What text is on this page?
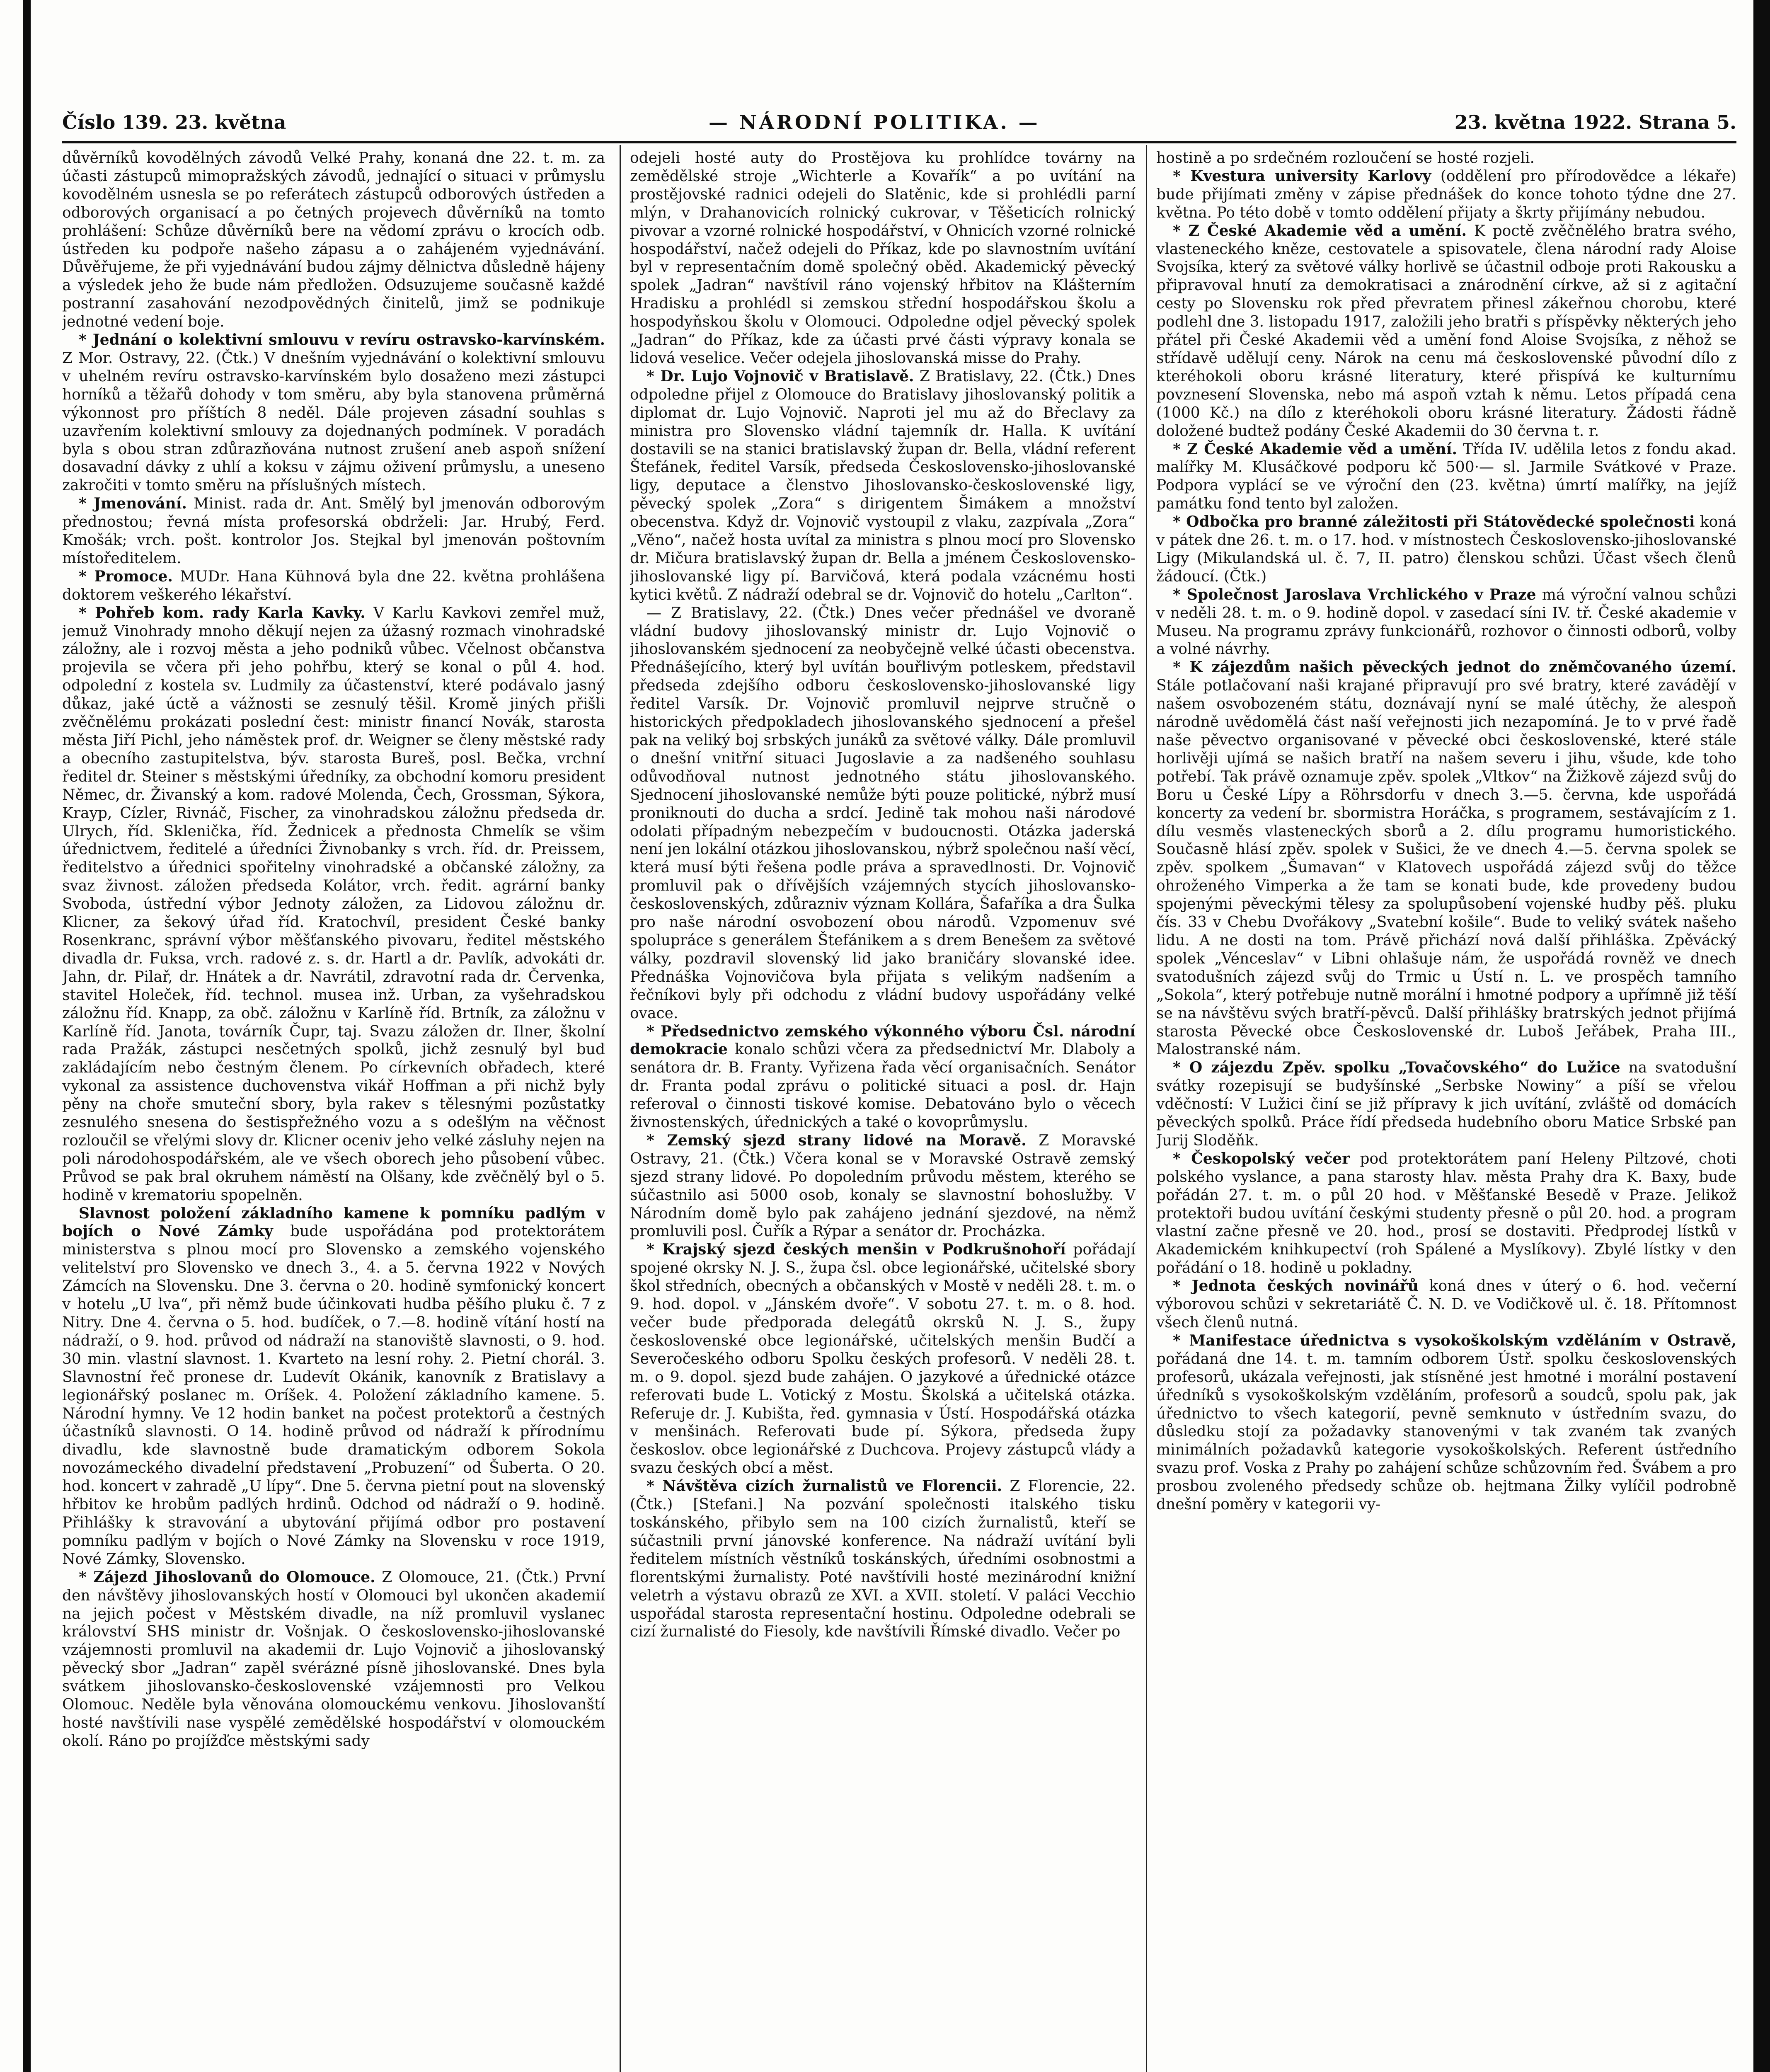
Číslo 139. 23. května	— NÁRODNÍ POLITIKA. —	23. května 1922. Strana 5.

důvěrníků kovodělných závodů Velké Prahy, konaná dne 22. t. m. za účasti zástupců mimopražských závodů, jednající o situaci v průmyslu kovodělném usnesla se po referátech zástupců odborových ústředen a odborových organisací a po četných projevech důvěrníků na tomto prohlášení: Schůze důvěrníků bere na vědomí zprávu o krocích odb. ústředen ku podpoře našeho zápasu a o zahájeném vyjednávání. Důvěřujeme, že při vyjednávání budou zájmy dělnictva důsledně hájeny a výsledek jeho že bude nám předložen. Odsuzujeme současně každé postranní zasahování nezodpovědných činitelů, jimž se podnikuje jednotné vedení boje.

* Jednání o kolektivní smlouvu v revíru ostravsko-karvínském. Z Mor. Ostravy, 22. (Čtk.) V dnešním vyjednávání o kolektivní smlouvu v uhelném revíru ostravsko-karvínském bylo dosaženo mezi zástupci horníků a těžařů dohody v tom směru, aby byla stanovena průměrná výkonnost pro příštích 8 neděl. Dále projeven zásadní souhlas s uzavřením kolektivní smlouvy za dojednaných podmínek. V poradách byla s obou stran zdůrazňována nutnost zrušení aneb aspoň snížení dosavadní dávky z uhlí a koksu v zájmu oživení průmyslu, a uneseno zakročiti v tomto směru na příslušných místech.

* Jmenování. Minist. rada dr. Ant. Smělý byl jmenován odborovým přednostou; řevná místa profesorská obdrželi: Jar. Hrubý, Ferd. Kmošák; vrch. pošt. kontrolor Jos. Stejkal byl jmenován poštovním místoředitelem.

* Promoce. MUDr. Hana Kühnová byla dne 22. května prohlášena doktorem veškerého lékařství.

* Pohřeb kom. rady Karla Kavky. V Karlu Kavkovi zemřel muž, jemuž Vinohrady mnoho děkují nejen za úžasný rozmach vinohradské záložny, ale i rozvoj města a jeho podniků vůbec. Včelnost občanstva projevila se včera při jeho pohřbu, který se konal o půl 4. hod. odpolední z kostela sv. Ludmily za účastenství, které podávalo jasný důkaz, jaké úctě a vážnosti se zesnulý těšil. Kromě jiných přišli zvěčnělému prokázati poslední čest: ministr financí Novák, starosta města Jiří Pichl, jeho náměstek prof. dr. Weigner se členy městské rady a obecního zastupitelstva, býv. starosta Bureš, posl. Bečka, vrchní ředitel dr. Steiner s městskými úředníky, za obchodní komoru president Němec, dr. Živanský a kom. radové Molenda, Čech, Grossman, Sýkora, Krayp, Cízler, Rivnáč, Fischer, za vinohradskou záložnu předseda dr. Ulrych, říd. Sklenička, říd. Žednicek a přednosta Chmelík se všim úřednictvem, ředitelé a úředníci Živnobanky s vrch. říd. dr. Preissem, ředitelstvo a úřednici spořitelny vinohradské a občanské záložny, za svaz živnost. záložen předseda Kolátor, vrch. ředit. agrární banky Svoboda, ústřední výbor Jednoty záložen, za Lidovou záložnu dr. Klicner, za šekový úřad říd. Kratochvíl, president České banky Rosenkranc, správní výbor měšťanského pivovaru, ředitel městského divadla dr. Fuksa, vrch. radové z. s. dr. Hartl a dr. Pavlík, advokáti dr. Jahn, dr. Pilař, dr. Hnátek a dr. Navrátil, zdravotní rada dr. Červenka, stavitel Holeček, říd. technol. musea inž. Urban, za vyšehradskou záložnu říd. Knapp, za obč. záložnu v Karlíně říd. Brtník, za záložnu v Karlíně říd. Janota, továrník Čupr, taj. Svazu záložen dr. Ilner, školní rada Pražák, zástupci nesčetných spolků, jichž zesnulý byl buď zakládajícím nebo čestným členem. Po církevních obřadech, které vykonal za assistence duchovenstva vikář Hoffman a při nichž byly pěny na choře smuteční sbory, byla rakev s tělesnými pozůstatky zesnulého snesena do šestispřežného vozu a s odešlým na věčnost rozloučil se vřelými slovy dr. Klicner oceniv jeho velké zásluhy nejen na poli národohospodářském, ale ve všech oborech jeho působení vůbec. Průvod se pak bral okruhem náměstí na Olšany, kde zvěčnělý byl o 5. hodině v krematoriu spopelněn.

Slavnost položení základního kamene k pomníku padlým v bojích o Nové Zámky bude uspořádána pod protektorátem ministerstva s plnou mocí pro Slovensko a zemského vojenského velitelství pro Slovensko ve dnech 3., 4. a 5. června 1922 v Nových Zámcích na Slovensku. Dne 3. června o 20. hodině symfonický koncert v hotelu „U lva“, při němž bude účinkovati hudba pěšího pluku č. 7 z Nitry. Dne 4. června o 5. hod. budíček, o 7.—8. hodině vítání hostí na nádraží, o 9. hod. průvod od nádraží na stanoviště slavnosti, o 9. hod. 30 min. vlastní slavnost. 1. Kvarteto na lesní rohy. 2. Pietní chorál. 3. Slavnostní řeč pronese dr. Ludevít Okánik, kanovník z Bratislavy a legionářský poslanec m. Oríšek. 4. Položení základního kamene. 5. Národní hymny. Ve 12 hodin banket na počest protektorů a čestných účastníků slavnosti. O 14. hodině průvod od nádraží k přírodnímu divadlu, kde slavnostně bude dramatickým odborem Sokola novozámeckého divadelní představení „Probuzení“ od Šuberta. O 20. hod. koncert v zahradě „U lípy“. Dne 5. června pietní pout na slovenský hřbitov ke hrobům padlých hrdinů. Odchod od nádraží o 9. hodině. Přihlášky k stravování a ubytování přijímá odbor pro postavení pomníku padlým v bojích o Nové Zámky na Slovensku v roce 1919, Nové Zámky, Slovensko.

* Zájezd Jihoslovanů do Olomouce. Z Olomouce, 21. (Čtk.) První den návštěvy jihoslovanských hostí v Olomouci byl ukončen akademií na jejich počest v Městském divadle, na níž promluvil vyslanec království SHS ministr dr. Vošnjak. O československo-jihoslovanské vzájemnosti promluvil na akademii dr. Lujo Vojnovič a jihoslovanský pěvecký sbor „Jadran“ zapěl svérázné písně jihoslovanské. Dnes byla svátkem jihoslovansko-československé vzájemnosti pro Velkou Olomouc. Neděle byla věnována olomouckému venkovu. Jihoslovanští hosté navštívili nase vyspělé zemědělské hospodářství v olomouckém okolí. Ráno po projížďce městskými sady

odejeli hosté auty do Prostějova ku prohlídce továrny na zemědělské stroje „Wichterle a Kovařík“ a po uvítání na prostějovské radnici odejeli do Slatěnic, kde si prohlédli parní mlýn, v Drahanovicích rolnický cukrovar, v Těšeticích rolnický pivovar a vzorné rolnické hospodářství, v Ohnicích vzorné rolnické hospodářství, načež odejeli do Příkaz, kde po slavnostním uvítání byl v representačním domě společný oběd. Akademický pěvecký spolek „Jadran“ navštívil ráno vojenský hřbitov na Klášterním Hradisku a prohlédl si zemskou střední hospodářskou školu a hospodyňskou školu v Olomouci. Odpoledne odjel pěvecký spolek „Jadran“ do Příkaz, kde za účasti prvé části výpravy konala se lidová veselice. Večer odejela jihoslovanská misse do Prahy.

* Dr. Lujo Vojnovič v Bratislavě. Z Bratislavy, 22. (Čtk.) Dnes odpoledne přijel z Olomouce do Bratislavy jihoslovanský politik a diplomat dr. Lujo Vojnovič. Naproti jel mu až do Břeclavy za ministra pro Slovensko vládní tajemník dr. Halla. K uvítání dostavili se na stanici bratislavský župan dr. Bella, vládní referent Štefánek, ředitel Varsík, předseda Československo-jihoslovanské ligy, deputace a členstvo Jihoslovansko-československé ligy, pěvecký spolek „Zora“ s dirigentem Šimákem a množství obecenstva. Když dr. Vojnovič vystoupil z vlaku, zazpívala „Zora“ „Věno“, načež hosta uvítal za ministra s plnou mocí pro Slovensko dr. Mičura bratislavský župan dr. Bella a jménem Československo-jihoslovanské ligy pí. Barvičová, která podala vzácnému hosti kytici květů. Z nádraží odebral se dr. Vojnovič do hotelu „Carlton“.

— Z Bratislavy, 22. (Čtk.) Dnes večer přednášel ve dvoraně vládní budovy jihoslovanský ministr dr. Lujo Vojnovič o jihoslovanském sjednocení za neobyčejně velké účasti obecenstva. Přednášejícího, který byl uvítán bouřlivým potleskem, představil předseda zdejšího odboru československo-jihoslovanské ligy ředitel Varsík. Dr. Vojnovič promluvil nejprve stručně o historických předpokladech jihoslovanského sjednocení a přešel pak na veliký boj srbských junáků za světové války. Dále promluvil o dnešní vnitřní situaci Jugoslavie a za nadšeného souhlasu odůvodňoval nutnost jednotného státu jihoslovanského. Sjednocení jihoslovanské nemůže býti pouze politické, nýbrž musí proniknouti do ducha a srdcí. Jedině tak mohou naši národové odolati případným nebezpečím v budoucnosti. Otázka jaderská není jen lokální otázkou jihoslovanskou, nýbrž společnou naší věcí, která musí býti řešena podle práva a spravedlnosti. Dr. Vojnovič promluvil pak o dřívějších vzájemných stycích jihoslovansko-československých, zdůrazniv význam Kollára, Šafaříka a dra Šulka pro naše národní osvobození obou národů. Vzpomenuv své spolupráce s generálem Štefánikem a s drem Benešem za světové války, pozdravil slovenský lid jako braničáry slovanské idee. Přednáška Vojnovičova byla přijata s velikým nadšením a řečníkovi byly při odchodu z vládní budovy uspořádány velké ovace.

* Předsednictvo zemského výkonného výboru Čsl. národní demokracie konalo schůzi včera za předsednictví Mr. Dlaboly a senátora dr. B. Franty. Vyřizena řada věcí organisačních. Senátor dr. Franta podal zprávu o politické situaci a posl. dr. Hajn referoval o činnosti tiskové komise. Debatováno bylo o věcech živnostenských, úřednických a také o kovoprůmyslu.

* Zemský sjezd strany lidové na Moravě. Z Moravské Ostravy, 21. (Čtk.) Včera konal se v Moravské Ostravě zemský sjezd strany lidové. Po dopoledním průvodu městem, kterého se súčastnilo asi 5000 osob, konaly se slavnostní bohoslužby. V Národním domě bylo pak zahájeno jednání sjezdové, na němž promluvili posl. Čuřík a Rýpar a senátor dr. Procházka.

* Krajský sjezd českých menšin v Podkrušnohoří pořádají spojené okrsky N. J. S., župa čsl. obce legionářské, učitelské sbory škol středních, obecných a občanských v Mostě v neděli 28. t. m. o 9. hod. dopol. v „Jánském dvoře“. V sobotu 27. t. m. o 8. hod. večer bude předporada delegátů okrsků N. J. S., župy československé obce legionářské, učitelských menšin Budčí a Severočeského odboru Spolku českých profesorů. V neděli 28. t. m. o 9. dopol. sjezd bude zahájen. O jazykové a úřednické otázce referovati bude L. Votický z Mostu. Školská a učitelská otázka. Referuje dr. J. Kubišta, řed. gymnasia v Ústí. Hospodářská otázka v menšinách. Referovati bude pí. Sýkora, předseda župy českoslov. obce legionářské z Duchcova. Projevy zástupců vlády a svazu českých obcí a měst.

* Návštěva cizích žurnalistů ve Florencii. Z Florencie, 22. (Čtk.) [Stefani.] Na pozvání společnosti italského tisku toskánského, přibylo sem na 100 cizích žurnalistů, kteří se súčastnili první jánovské konference. Na nádraží uvítání byli ředitelem místních věstníků toskánských, úředními osobnostmi a florentskými žurnalisty. Poté navštívili hosté mezinárodní knižní veletrh a výstavu obrazů ze XVI. a XVII. století. V paláci Vecchio uspořádal starosta representační hostinu. Odpoledne odebrali se cizí žurnalisté do Fiesoly, kde navštívili Římské divadlo. Večer po

hostině a po srdečném rozloučení se hosté rozjeli.

* Kvestura university Karlovy (oddělení pro přírodovědce a lékaře) bude přijímati změny v zápise přednášek do konce tohoto týdne dne 27. května. Po této době v tomto oddělení přijaty a škrty přijímány nebudou.

* Z České Akademie věd a umění. K poctě zvěčnělého bratra svého, vlasteneckého kněze, cestovatele a spisovatele, člena národní rady Aloise Svojsíka, který za světové války horlivě se účastnil odboje proti Rakousku a připravoval hnutí za demokratisaci a znárodnění církve, až si z agitační cesty po Slovensku rok před převratem přinesl zákeřnou chorobu, které podlehl dne 3. listopadu 1917, založili jeho bratři s příspěvky některých jeho přátel při České Akademii věd a umění fond Aloise Svojsíka, z něhož se střídavě udělují ceny. Nárok na cenu má československé původní dílo z kteréhokoli oboru krásné literatury, které přispívá ke kulturnímu povznesení Slovenska, nebo má aspoň vztah k němu. Letos případá cena (1000 Kč.) na dílo z kteréhokoli oboru krásné literatury. Žádosti řádně doložené budtež podány České Akademii do 30 června t. r.

* Z České Akademie věd a umění. Třída IV. udělila letos z fondu akad. malířky M. Klusáčkové podporu kč 500·— sl. Jarmile Svátkové v Praze. Podpora vyplácí se ve výroční den (23. května) úmrtí malířky, na jejíž památku fond tento byl založen.

* Odbočka pro branné záležitosti při Státovědecké společnosti koná v pátek dne 26. t. m. o 17. hod. v místnostech Československo-jihoslovanské Ligy (Mikulandská ul. č. 7, II. patro) členskou schůzi. Účast všech členů žádoucí. (Čtk.)

* Společnost Jaroslava Vrchlického v Praze má výroční valnou schůzi v neděli 28. t. m. o 9. hodině dopol. v zasedací síni IV. tř. České akademie v Museu. Na programu zprávy funkcionářů, rozhovor o činnosti odborů, volby a volné návrhy.

* K zájezdům našich pěveckých jednot do zněmčovaného území. Stále potlačovaní naši krajané připravují pro své bratry, které zavádějí v našem osvobozeném státu, doznávají nyní se malé útěchy, že alespoň národně uvědomělá část naší veřejnosti jich nezapomíná. Je to v prvé řadě naše pěvectvo organisované v pěvecké obci československé, které stále horlivěji ujímá se našich bratří na našem severu i jihu, všude, kde toho potřebí. Tak právě oznamuje zpěv. spolek „Vltkov“ na Žižkově zájezd svůj do Boru u České Lípy a Röhrsdorfu v dnech 3.—5. června, kde uspořádá koncerty za vedení br. sbormistra Horáčka, s programem, sestávajícím z 1. dílu vesměs vlasteneckých sborů a 2. dílu programu humoristického. Současně hlásí zpěv. spolek v Sušici, že ve dnech 4.—5. června spolek se zpěv. spolkem „Šumavan“ v Klatovech uspořádá zájezd svůj do těžce ohroženého Vimperka a že tam se konati bude, kde provedeny budou spojenými pěveckými tělesy za spolupůsobení vojenské hudby pěš. pluku čís. 33 v Chebu Dvořákovy „Svatební košile“. Bude to veliký svátek našeho lidu. A ne dosti na tom. Právě přichází nová další přihláška. Zpěvácký spolek „Vénceslav“ v Libni ohlašuje nám, že uspořádá rovněž ve dnech svatodušních zájezd svůj do Trmic u Ústí n. L. ve prospěch tamního „Sokola“, který potřebuje nutně morální i hmotné podpory a upřímně již těší se na návštěvu svých bratří-pěvců. Další přihlášky bratrských jednot přijímá starosta Pěvecké obce Československé dr. Luboš Jeřábek, Praha III., Malostranské nám.

* O zájezdu Zpěv. spolku „Tovačovského“ do Lužice na svatodušní svátky rozepisují se budyšínské „Serbske Nowiny“ a píší se vřelou vděčností: V Lužici činí se již přípravy k jich uvítání, zvláště od domácích pěveckých spolků. Práce řídí předseda hudebního oboru Matice Srbské pan Jurij Sloděňk.

* Českopolský večer pod protektorátem paní Heleny Piltzové, choti polského vyslance, a pana starosty hlav. města Prahy dra K. Baxy, bude pořádán 27. t. m. o půl 20 hod. v Měšťanské Besedě v Praze. Jelikož protektoři budou uvítání českými studenty přesně o půl 20. hod. a program vlastní začne přesně ve 20. hod., prosí se dostaviti. Předprodej lístků v Akademickém knihkupectví (roh Spálené a Myslíkovy). Zbylé lístky v den pořádání o 18. hodině u pokladny.

* Jednota českých novinářů koná dnes v úterý o 6. hod. večerní výborovou schůzi v sekretariátě Č. N. D. ve Vodičkově ul. č. 18. Přítomnost všech členů nutná.

* Manifestace úřednictva s vysokoškolským vzděláním v Ostravě, pořádaná dne 14. t. m. tamním odborem Ústř. spolku československých profesorů, ukázala veřejnosti, jak stísněné jest hmotné i morální postavení úředníků s vysokoškolským vzděláním, profesorů a soudců, spolu pak, jak úřednictvo to všech kategorií, pevně semknuto v ústředním svazu, do důsledku stojí za požadavky stanovenými v tak zvaném tak zvaných minimálních požadavků kategorie vysokoškolských. Referent ústředního svazu prof. Voska z Prahy po zahájení schůze schůzovním řed. Švábem a pro prosbou zvoleného předsedy schůze ob. hejtmana Žilky vylíčil podrobně dnešní poměry v kategorii vy-
